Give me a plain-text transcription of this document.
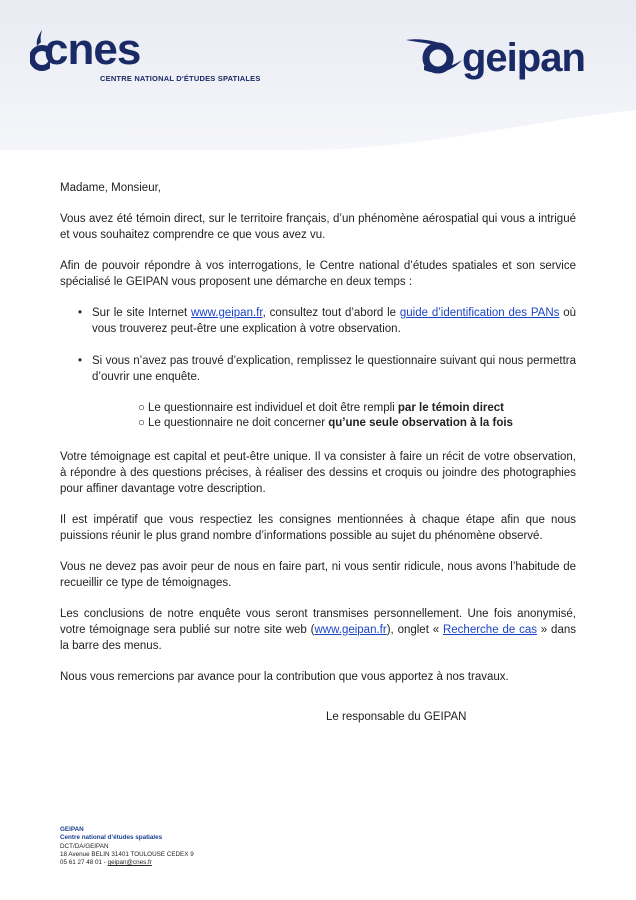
cnes
CENTRE NATIONAL D'ÉTUDES SPATIALES	geipan

Madame, Monsieur,

Vous avez été témoin direct, sur le territoire français, d’un phénomène aérospatial qui vous a intrigué et vous souhaitez comprendre ce que vous avez vu.

Afin de pouvoir répondre à vos interrogations, le Centre national d’études spatiales et son service spécialisé le GEIPAN vous proposent une démarche en deux temps :

• Sur le site Internet www.geipan.fr, consultez tout d’abord le guide d’identification des PANs où vous trouverez peut-être une explication à votre observation.
• Si vous n’avez pas trouvé d’explication, remplissez le questionnaire suivant qui nous permettra d’ouvrir une enquête.
○ Le questionnaire est individuel et doit être rempli par le témoin direct
○ Le questionnaire ne doit concerner qu’une seule observation à la fois

Votre témoignage est capital et peut-être unique. Il va consister à faire un récit de votre observation, à répondre à des questions précises, à réaliser des dessins et croquis ou joindre des photographies pour affiner davantage votre description.

Il est impératif que vous respectiez les consignes mentionnées à chaque étape afin que nous puissions réunir le plus grand nombre d’informations possible au sujet du phénomène observé.

Vous ne devez pas avoir peur de nous en faire part, ni vous sentir ridicule, nous avons l’habitude de recueillir ce type de témoignages.

Les conclusions de notre enquête vous seront transmises personnellement. Une fois anonymisé, votre témoignage sera publié sur notre site web (www.geipan.fr), onglet « Recherche de cas » dans la barre des menus.

Nous vous remercions par avance pour la contribution que vous apportez à nos travaux.

Le responsable du GEIPAN
GEIPAN
Centre national d’études spatiales
DCT/DA/GEIPAN
18 Avenue BELIN 31401 TOULOUSE CEDEX 9
05 61 27 48 01 - geipan@cnes.fr
